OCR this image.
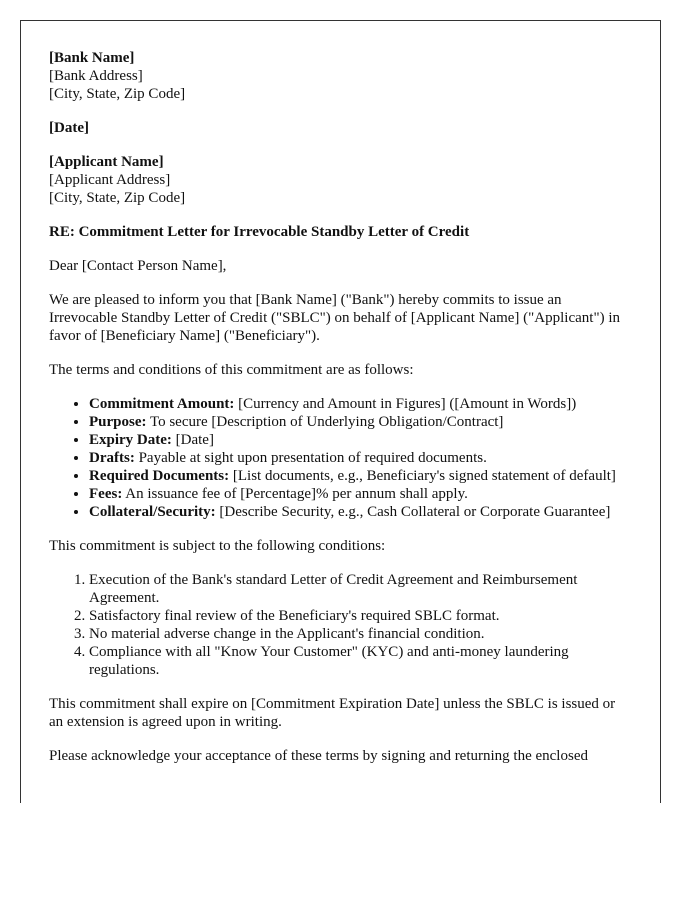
[Bank Name]
[Bank Address]
[City, State, Zip Code]
[Date]
[Applicant Name]
[Applicant Address]
[City, State, Zip Code]

RE: Commitment Letter for Irrevocable Standby Letter of Credit

Dear [Contact Person Name],

We are pleased to inform you that [Bank Name] ("Bank") hereby commits to issue an Irrevocable Standby Letter of Credit ("SBLC") on behalf of [Applicant Name] ("Applicant") in favor of [Beneficiary Name] ("Beneficiary").

The terms and conditions of this commitment are as follows:

• Commitment Amount: [Currency and Amount in Figures] ([Amount in Words])
• Purpose: To secure [Description of Underlying Obligation/Contract]
• Expiry Date: [Date]
• Drafts: Payable at sight upon presentation of required documents.
• Required Documents: [List documents, e.g., Beneficiary's signed statement of default]
• Fees: An issuance fee of [Percentage]% per annum shall apply.
• Collateral/Security: [Describe Security, e.g., Cash Collateral or Corporate Guarantee]

This commitment is subject to the following conditions:

1. Execution of the Bank's standard Letter of Credit Agreement and Reimbursement Agreement.
2. Satisfactory final review of the Beneficiary's required SBLC format.
3. No material adverse change in the Applicant's financial condition.
4. Compliance with all "Know Your Customer" (KYC) and anti-money laundering regulations.

This commitment shall expire on [Commitment Expiration Date] unless the SBLC is issued or an extension is agreed upon in writing.

Please acknowledge your acceptance of these terms by signing and returning the enclosed
